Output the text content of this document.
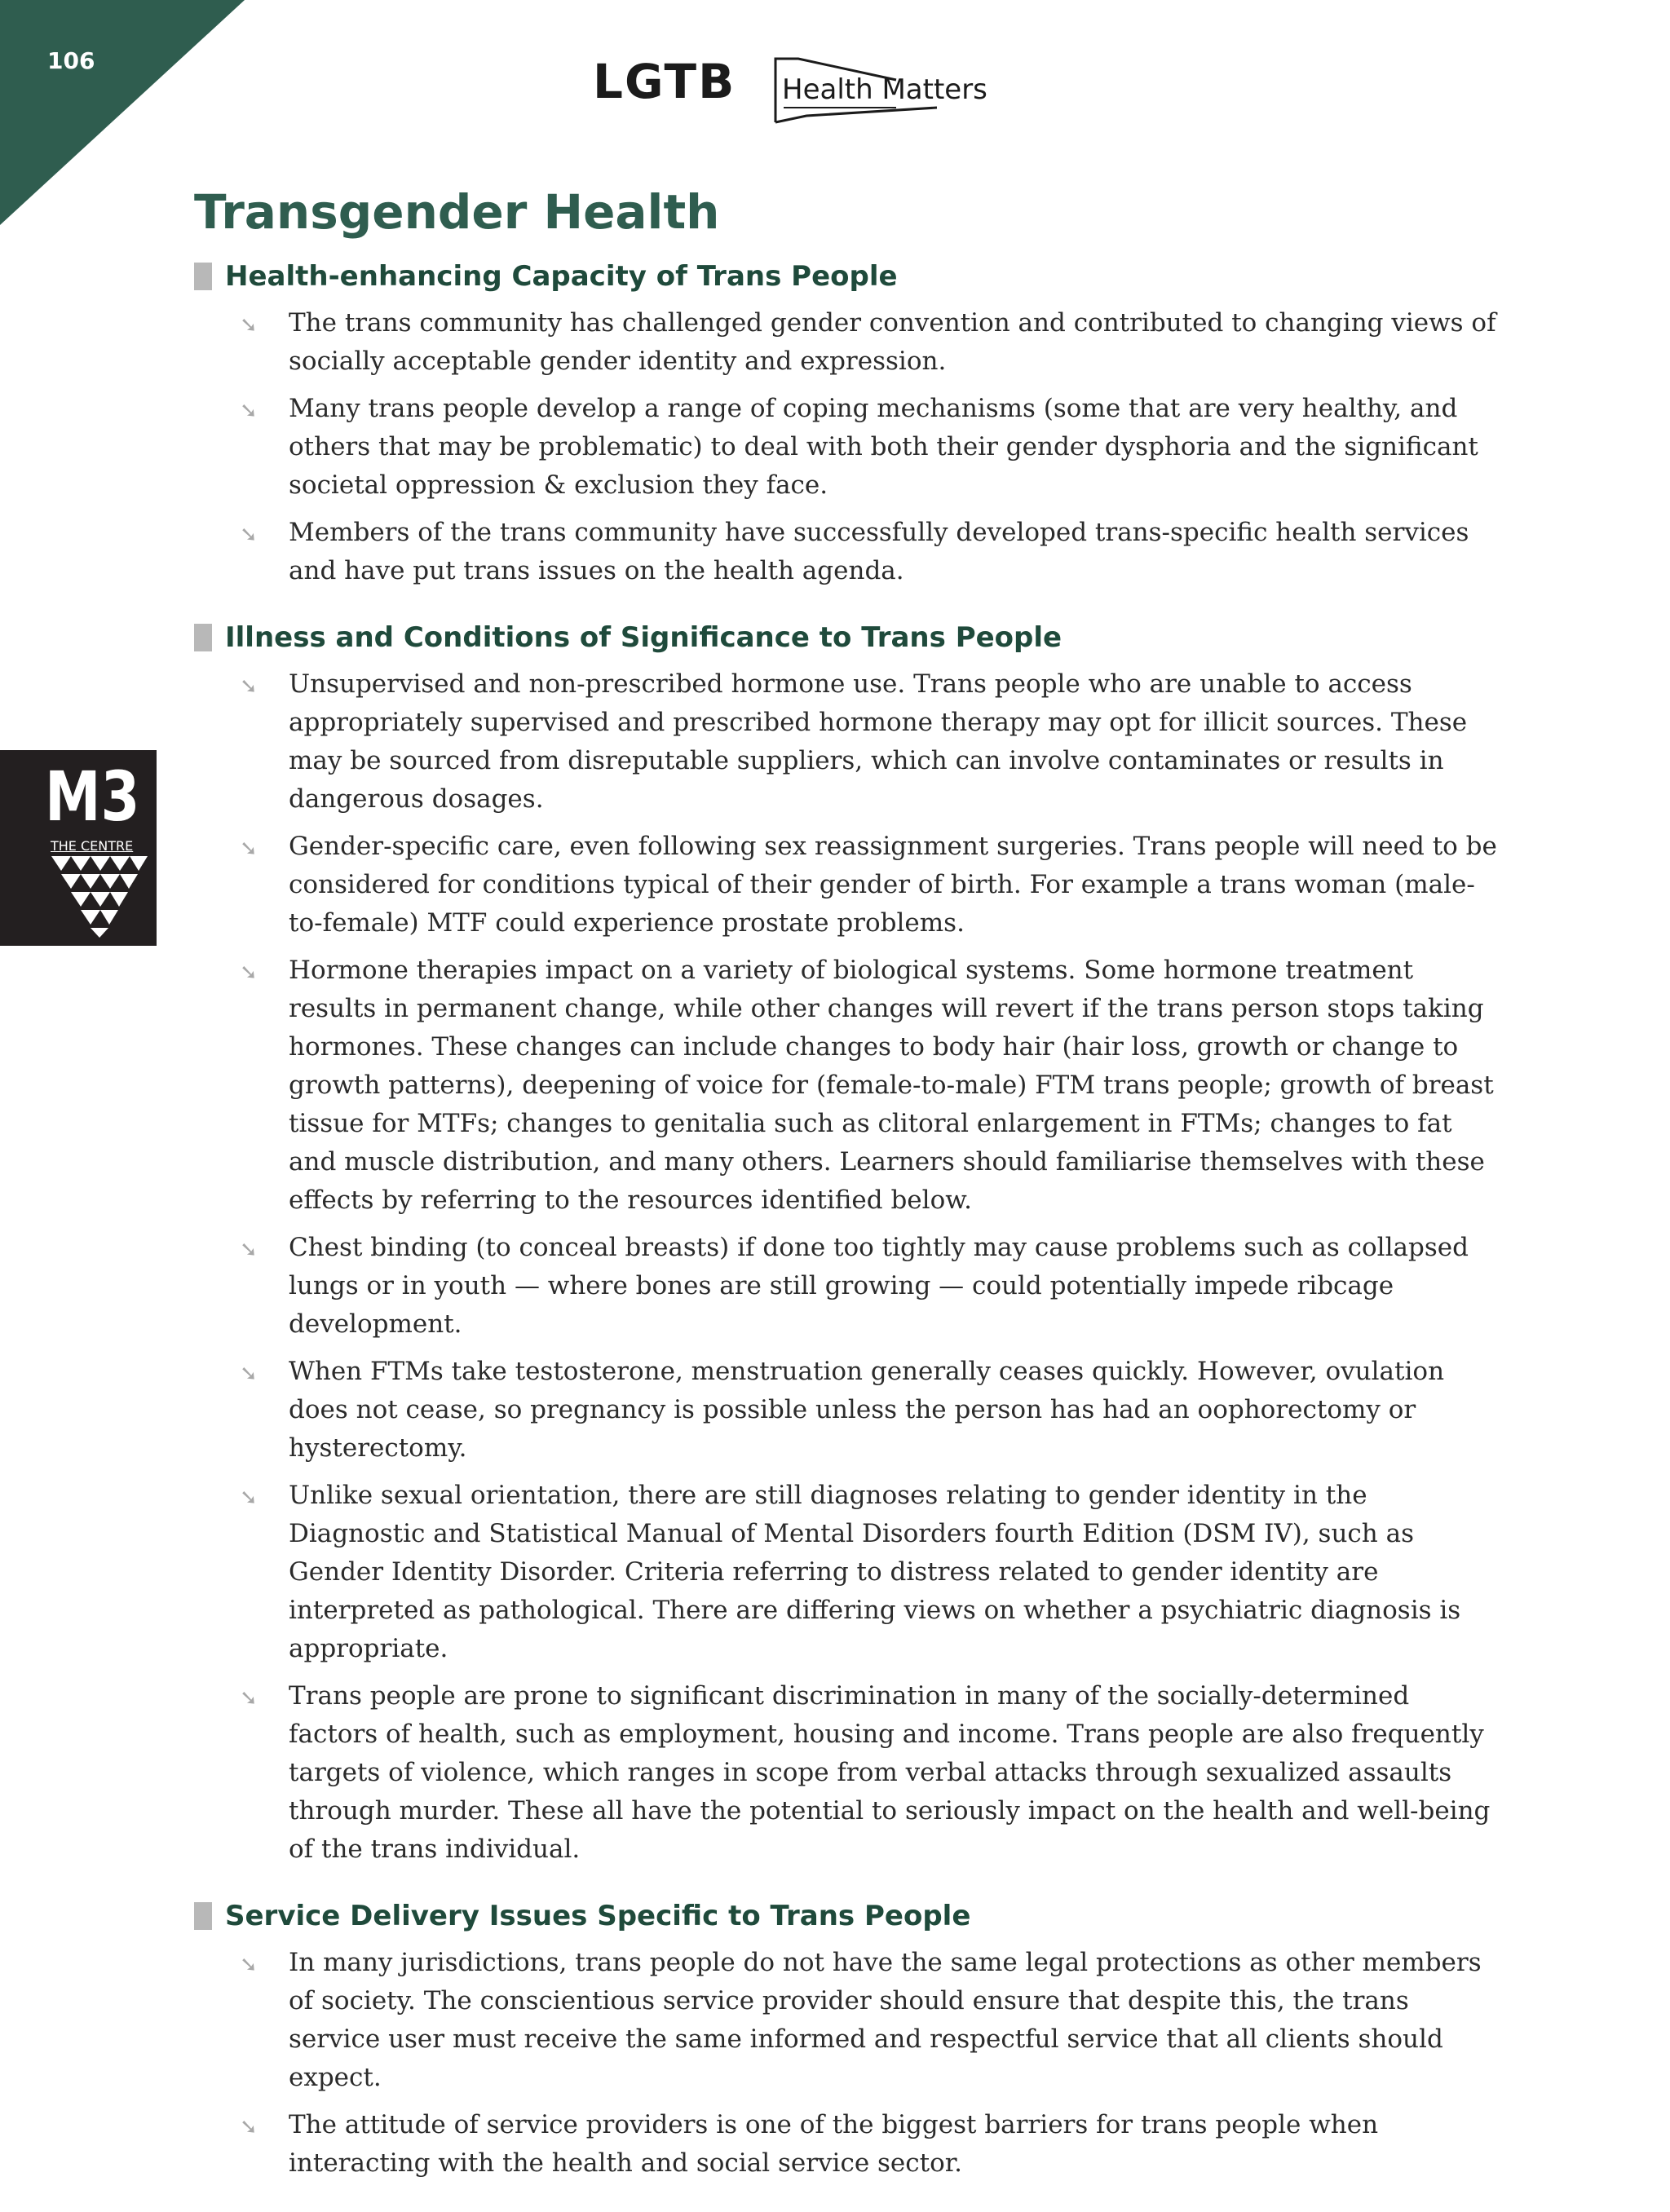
106	LGTB Health Matters
M3
THE CENTRE
Transgender Health
Health-enhancing Capacity of Trans People
➘ The trans community has challenged gender convention and contributed to changing views of socially acceptable gender identity and expression.
➘ Many trans people develop a range of coping mechanisms (some that are very healthy, and others that may be problematic) to deal with both their gender dysphoria and the significant societal oppression & exclusion they face.
➘ Members of the trans community have successfully developed trans-specific health services and have put trans issues on the health agenda.
Illness and Conditions of Significance to Trans People
➘ Unsupervised and non-prescribed hormone use. Trans people who are unable to access appropriately supervised and prescribed hormone therapy may opt for illicit sources. These may be sourced from disreputable suppliers, which can involve contaminates or results in dangerous dosages.
➘ Gender-specific care, even following sex reassignment surgeries. Trans people will need to be considered for conditions typical of their gender of birth. For example a trans woman (male-to-female) MTF could experience prostate problems.
➘ Hormone therapies impact on a variety of biological systems. Some hormone treatment results in permanent change, while other changes will revert if the trans person stops taking hormones. These changes can include changes to body hair (hair loss, growth or change to growth patterns), deepening of voice for (female-to-male) FTM trans people; growth of breast tissue for MTFs; changes to genitalia such as clitoral enlargement in FTMs; changes to fat and muscle distribution, and many others. Learners should familiarise themselves with these effects by referring to the resources identified below.
➘ Chest binding (to conceal breasts) if done too tightly may cause problems such as collapsed lungs or in youth — where bones are still growing — could potentially impede ribcage development.
➘ When FTMs take testosterone, menstruation generally ceases quickly. However, ovulation does not cease, so pregnancy is possible unless the person has had an oophorectomy or hysterectomy.
➘ Unlike sexual orientation, there are still diagnoses relating to gender identity in the Diagnostic and Statistical Manual of Mental Disorders fourth Edition (DSM IV), such as Gender Identity Disorder. Criteria referring to distress related to gender identity are interpreted as pathological. There are differing views on whether a psychiatric diagnosis is appropriate.
➘ Trans people are prone to significant discrimination in many of the socially-determined factors of health, such as employment, housing and income. Trans people are also frequently targets of violence, which ranges in scope from verbal attacks through sexualized assaults through murder. These all have the potential to seriously impact on the health and well-being of the trans individual.
Service Delivery Issues Specific to Trans People
➘ In many jurisdictions, trans people do not have the same legal protections as other members of society. The conscientious service provider should ensure that despite this, the trans service user must receive the same informed and respectful service that all clients should expect.
➘ The attitude of service providers is one of the biggest barriers for trans people when interacting with the health and social service sector.
